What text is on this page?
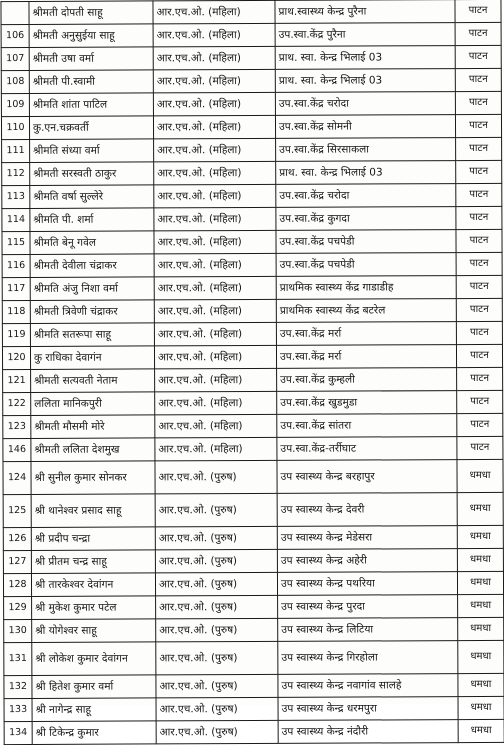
	श्रीमती दोपती साहू	आर.एच.ओ. (महिला)	प्राथ.स्वास्थ्य केन्द्र पुरैना	पाटन
106	श्रीमती अनुसुईया साहू	आर.एच.ओ. (महिला)	उप.स्वा.केंद्र पुरैना	पाटन
107	श्रीमती उषा वर्मा	आर.एच.ओ. (महिला)	प्राथ. स्वा. केन्द्र भिलाई 03	पाटन
108	श्रीमती पी.स्वामी	आर.एच.ओ. (महिला)	प्राथ. स्वा. केन्द्र भिलाई 03	पाटन
109	श्रीमति शांता पाटिल	आर.एच.ओ. (महिला)	उप.स्वा.केंद्र चरोदा	पाटन
110	कु.एन.चक्रवर्ती	आर.एच.ओ. (महिला)	उप.स्वा.केंद्र सोमनी	पाटन
111	श्रीमति संध्या वर्मा	आर.एच.ओ. (महिला)	उप.स्वा.केंद्र सिरसाकला	पाटन
112	श्रीमती सरस्वती ठाकुर	आर.एच.ओ. (महिला)	प्राथ. स्वा. केन्द्र भिलाई 03	पाटन
113	श्रीमति वर्षा सुल्लेरे	आर.एच.ओ. (महिला)	उप.स्वा.केंद्र चरोदा	पाटन
114	श्रीमति पी. शर्मा	आर.एच.ओ. (महिला)	उप.स्वा.केंद्र कुगदा	पाटन
115	श्रीमति बेनू गवेल	आर.एच.ओ. (महिला)	उप.स्वा.केंद्र पचपेडी	पाटन
116	श्रीमती देवीला चंद्राकर	आर.एच.ओ. (महिला)	उप.स्वा.केंद्र पचपेडी	पाटन
117	श्रीमति अंजु निशा वर्मा	आर.एच.ओ. (महिला)	प्राथमिक स्वास्थ्य केंद्र गाडाडीह	पाटन
118	श्रीमती त्रिवेणी चंद्राकर	आर.एच.ओ. (महिला)	प्राथमिक स्वास्थ्य केंद्र बटरेल	पाटन
119	श्रीमति सतरूपा साहू	आर.एच.ओ. (महिला)	उप.स्वा.केंद्र मर्रा	पाटन
120	कु राधिका देवागंन	आर.एच.ओ. (महिला)	उप.स्वा.केंद्र मर्रा	पाटन
121	श्रीमती सत्यवती नेताम	आर.एच.ओ. (महिला)	उप.स्वा.केंद्र कुम्हली	पाटन
122	ललिता मानिकपुरी	आर.एच.ओ. (महिला)	उप.स्वा.केंद्र खुडमुडा	पाटन
123	श्रीमती मौसमी मोरे	आर.एच.ओ. (महिला)	उप.स्वा.केंद्र सांतरा	पाटन
146	श्रीमती ललिता देशमुख	आर.एच.ओ. (महिला)	उप.स्वा.केंद्र-तर्रीघाट	पाटन
124	श्री सुनील कुमार सोनकर	आर.एच.ओ. (पुरुष)	उप स्वास्थ्य केन्द्र बरहापुर	धमधा
125	श्री थानेश्वर प्रसाद साहू	आर.एच.ओ. (पुरुष)	उप स्वास्थ्य केन्द्र देवरी	धमधा
126	श्री प्रदीप चन्द्रा	आर.एच.ओ. (पुरुष)	उप स्वास्थ्य केन्द्र मेडेसरा	धमधा
127	श्री प्रीतम चन्द्र साहू	आर.एच.ओ. (पुरुष)	उप स्वास्थ्य केन्द्र अहेरी	धमधा
128	श्री तारकेश्वर देवांगन	आर.एच.ओ. (पुरुष)	उप स्वास्थ्य केन्द्र पथरिया	धमधा
129	श्री मुकेश कुमार पटेल	आर.एच.ओ. (पुरुष)	उप स्वास्थ्य केन्द्र पुरदा	धमधा
130	श्री योगेश्वर साहू	आर.एच.ओ. (पुरुष)	उप स्वास्थ्य केन्द्र लिटिया	धमधा
131	श्री लोकेश कुमार देवांगन	आर.एच.ओ. (पुरुष)	उप स्वास्थ्य केन्द्र गिरहोला	धमधा
132	श्री हितेश कुमार वर्मा	आर.एच.ओ. (पुरुष)	उप स्वास्थ्य केन्द्र नवागांव सालहे	धमधा
133	श्री नागेन्द्र साहू	आर.एच.ओ. (पुरुष)	उप स्वास्थ्य केन्द्र धरमपुरा	धमधा
134	श्री टिकेन्द्र कुमार	आर.एच.ओ. (पुरुष)	उप स्वास्थ्य केन्द्र नंदौरी	धमधा
